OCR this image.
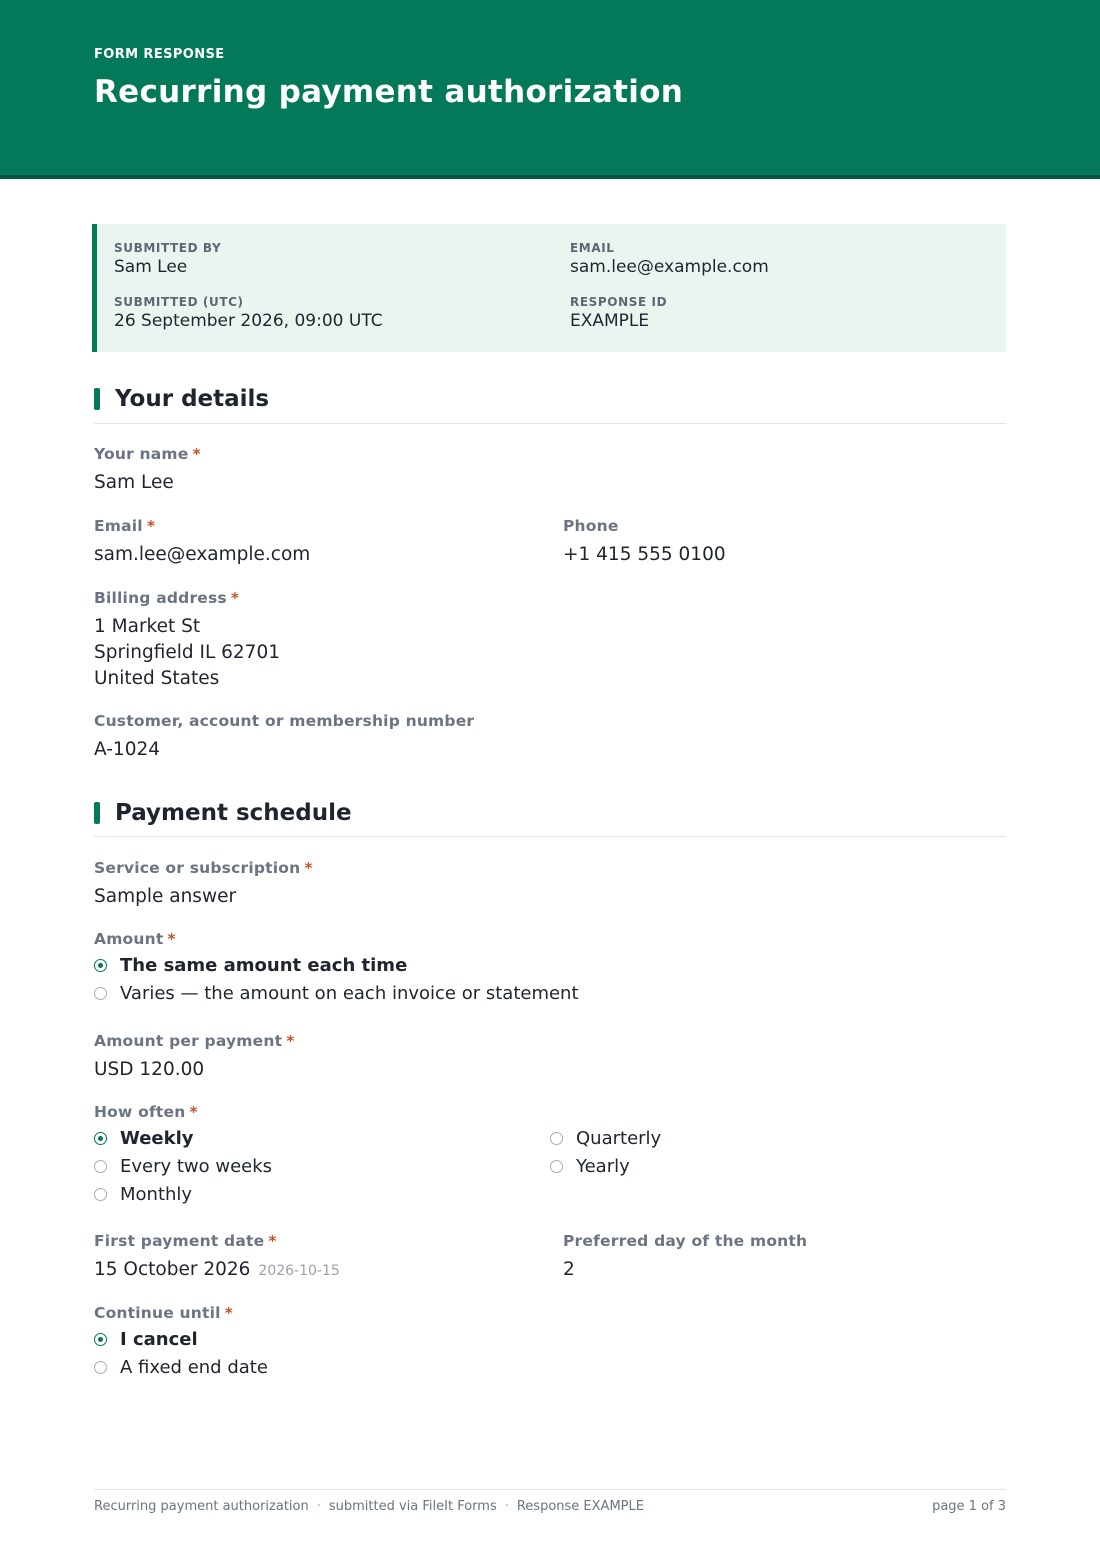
FORM RESPONSE
Recurring payment authorization
SUBMITTED BY
Sam Lee
EMAIL
sam.lee@example.com
SUBMITTED (UTC)
26 September 2026, 09:00 UTC
RESPONSE ID
EXAMPLE
Your details
Your name *
Sam Lee
Email *
sam.lee@example.com
Phone
+1 415 555 0100
Billing address *
1 Market St
Springfield IL 62701
United States
Customer, account or membership number
A-1024
Payment schedule
Service or subscription *
Sample answer
Amount *
The same amount each time
Varies — the amount on each invoice or statement
Amount per payment *
USD 120.00
How often *
Weekly
Every two weeks
Monthly
Quarterly
Yearly
First payment date *
15 October 2026 2026-10-15
Preferred day of the month
2
Continue until *
I cancel
A fixed end date
Recurring payment authorization · submitted via FileIt Forms · Response EXAMPLE	page 1 of 3
